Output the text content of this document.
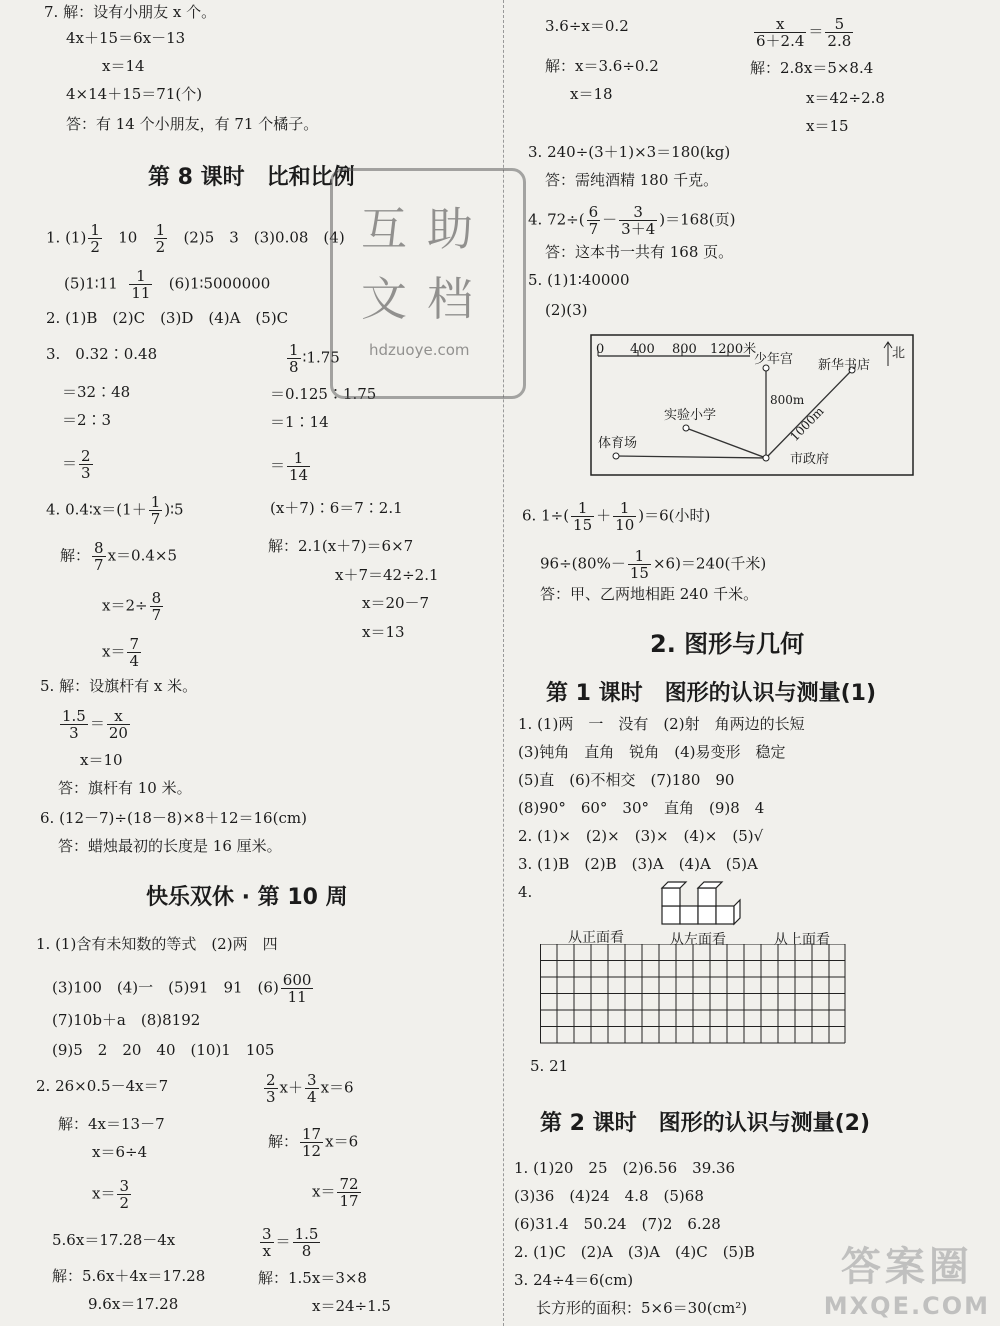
7. 解：设有小朋友 x 个。
4x＋15＝6x－13
x＝14
4×14＋15＝71(个)
答：有 14 个小朋友，有 71 个橘子。
第 8 课时　比和比例
1. $(1) \frac{1}{2} 10 \frac{1}{2} (2)5$　3　(3)0.08　(4)
(5)1∶11 $\frac{1}{11}$ (6)1∶5000000
2. (1)B　(2)C　(3)D　(4)A　(5)C
3.　0.32∶0.48
＝32∶48
＝2∶3
＝ $\frac{2}{3}$
$\frac{1}{8}$ ∶1.75
＝0.125∶1.75
＝1∶14
＝ $\frac{1}{14}$
4. 0.4∶x＝(1＋ $\frac{1}{7}$ )∶5
解： $\frac{8}{7} x=0.4\times 5$
$x=2\div \frac{8}{7}$
$x= \frac{7}{4}$
(x＋7)∶6＝7∶2.1
解：2.1(x＋7)＝6×7
x＋7＝42÷2.1
x＝20－7
x＝13
5. 解：设旗杆有 x 米。
$\frac{1.5}{3} = \frac{x}{20}$
x＝10
答：旗杆有 10 米。
6. (12－7)÷(18－8)×8＋12＝16(cm)
答：蜡烛最初的长度是 16 厘米。
快乐双休 · 第 10 周
1. (1)含有未知数的等式　(2)两　四
(3)100　(4)一　(5)91　91　$(6) \frac{600}{11}$
(7)10b＋a　(8)8192
(9)5　2　20　40　(10)1　105
2. 26×0.5－4x＝7
解：4x＝13－7
x＝6÷4
$x= \frac{3}{2}$
5.6x＝17.28－4x
解：5.6x＋4x＝17.28
9.6x＝17.28
$\frac{2}{3} x+ \frac{3}{4} x=6$
解： $\frac{17}{12} x=6$
$x= \frac{72}{17}$
$\frac{3}{x} = \frac{1.5}{8}$
解：1.5x＝3×8
x＝24÷1.5
互助
文档
hdzuoye.com
3.6÷x＝0.2
解：x＝3.6÷0.2
x＝18
$\frac{x}{6+2.4} = \frac{5}{2.8}$
解：2.8x＝5×8.4
x＝42÷2.8
x＝15
3. 240÷(3＋1)×3＝180(kg)
答：需纯酒精 180 千克。
4. $72\div( \frac{6}{7} - \frac{3}{3+4} )=168$(页)
答：这本书一共有 168 页。
5. (1)1∶40000
(2)(3)
0 400 800 1200米	北
少年宫 新华书店
实验小学
体育场
市政府
800m
1000m
6. $1\div( \frac{1}{15} + \frac{1}{10} )=6$(小时)
$96\div(80\%- \frac{1}{15} \times 6)=240$(千米)
答：甲、乙两地相距 240 千米。
2. 图形与几何
第 1 课时　图形的认识与测量(1)
1. (1)两　一　没有　(2)射　角两边的长短
(3)钝角　直角　锐角　(4)易变形　稳定
(5)直　(6)不相交　(7)180　90
(8)90°　60°　30°　直角　(9)8　4
2. (1)×　(2)×　(3)×　(4)×　(5)√
3. (1)B　(2)B　(3)A　(4)A　(5)A
4.
从正面看	从左面看	从上面看
5. 21
第 2 课时　图形的认识与测量(2)
1. (1)20　25　(2)6.56　39.36
(3)36　(4)24　4.8　(5)68
(6)31.4　50.24　(7)2　6.28
2. (1)C　(2)A　(3)A　(4)C　(5)B
3. 24÷4＝6(cm)
长方形的面积：5×6＝30(cm²)
答案圈
MXQE.COM
